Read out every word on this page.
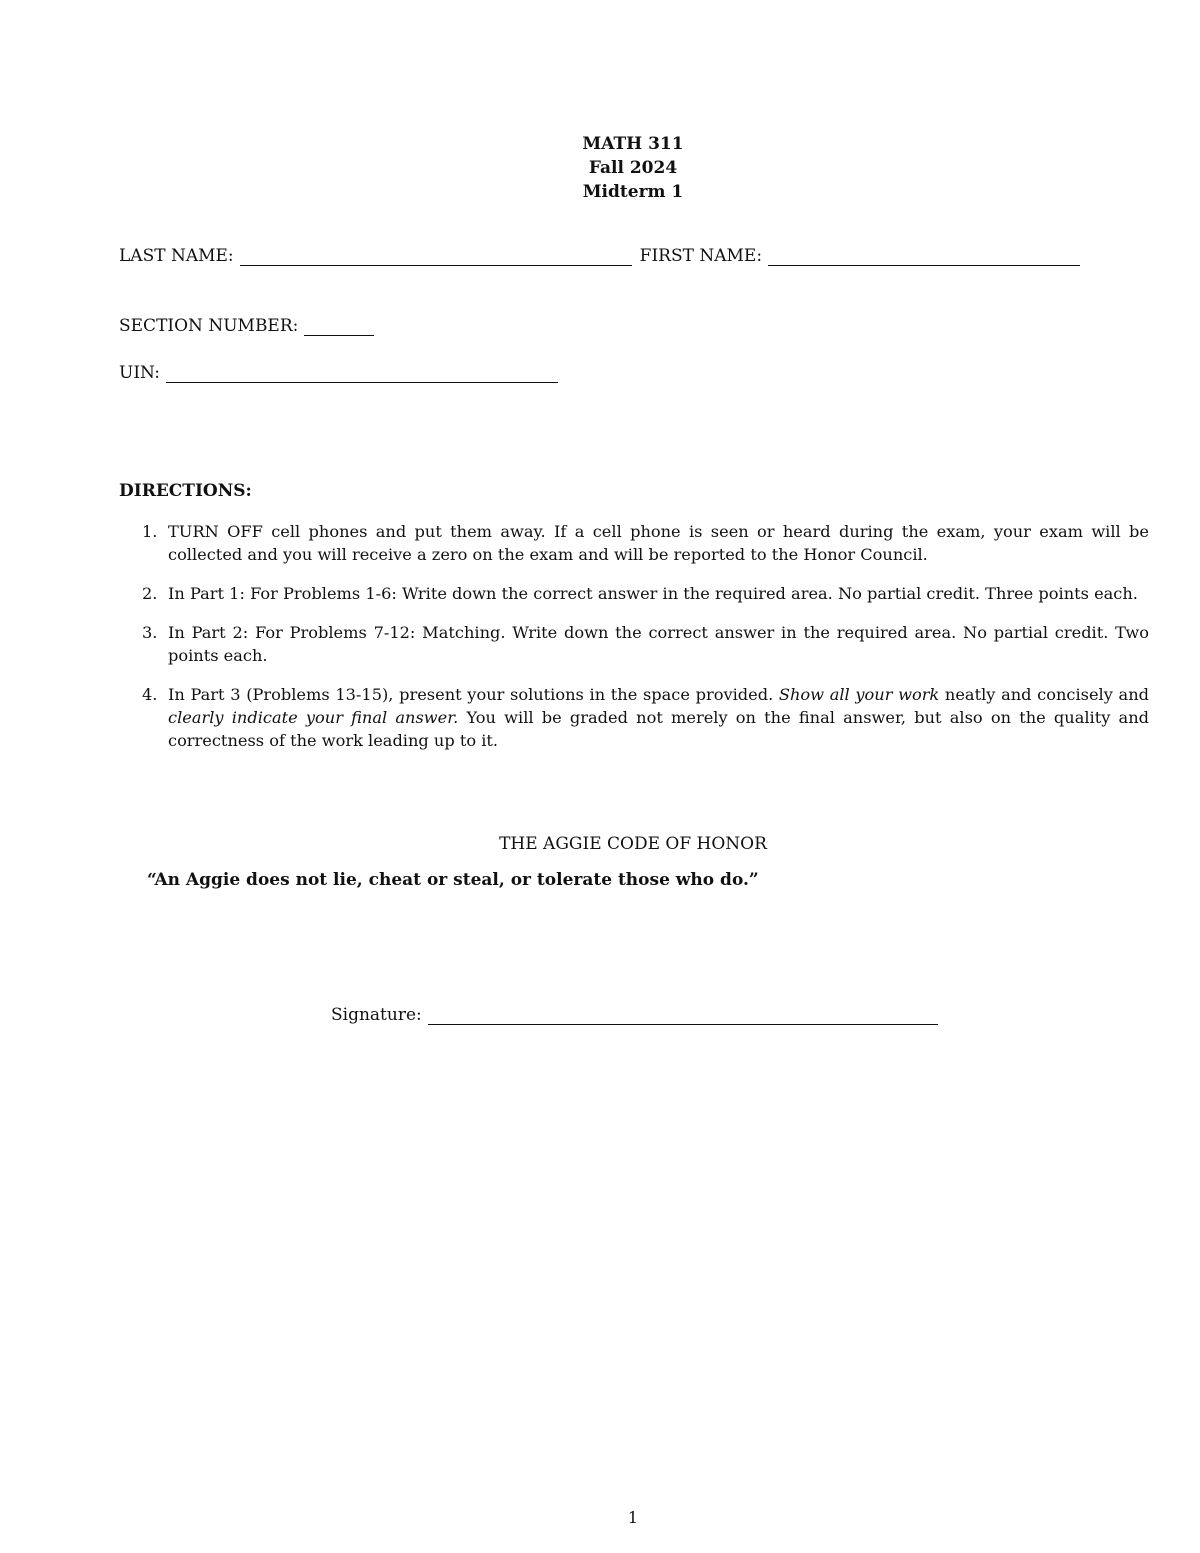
MATH 311
Fall 2024
Midterm 1
LAST NAME:	FIRST NAME:
SECTION NUMBER:
UIN:
DIRECTIONS:
1. TURN OFF cell phones and put them away. If a cell phone is seen or heard during the exam, your exam will be collected and you will receive a zero on the exam and will be reported to the Honor Council.
2. In Part 1: For Problems 1-6: Write down the correct answer in the required area. No partial credit. Three points each.
3. In Part 2: For Problems 7-12: Matching. Write down the correct answer in the required area. No partial credit. Two points each.
4. In Part 3 (Problems 13-15), present your solutions in the space provided. Show all your work neatly and concisely and clearly indicate your final answer. You will be graded not merely on the final answer, but also on the quality and correctness of the work leading up to it.
THE AGGIE CODE OF HONOR
“An Aggie does not lie, cheat or steal, or tolerate those who do.”
Signature:
1
